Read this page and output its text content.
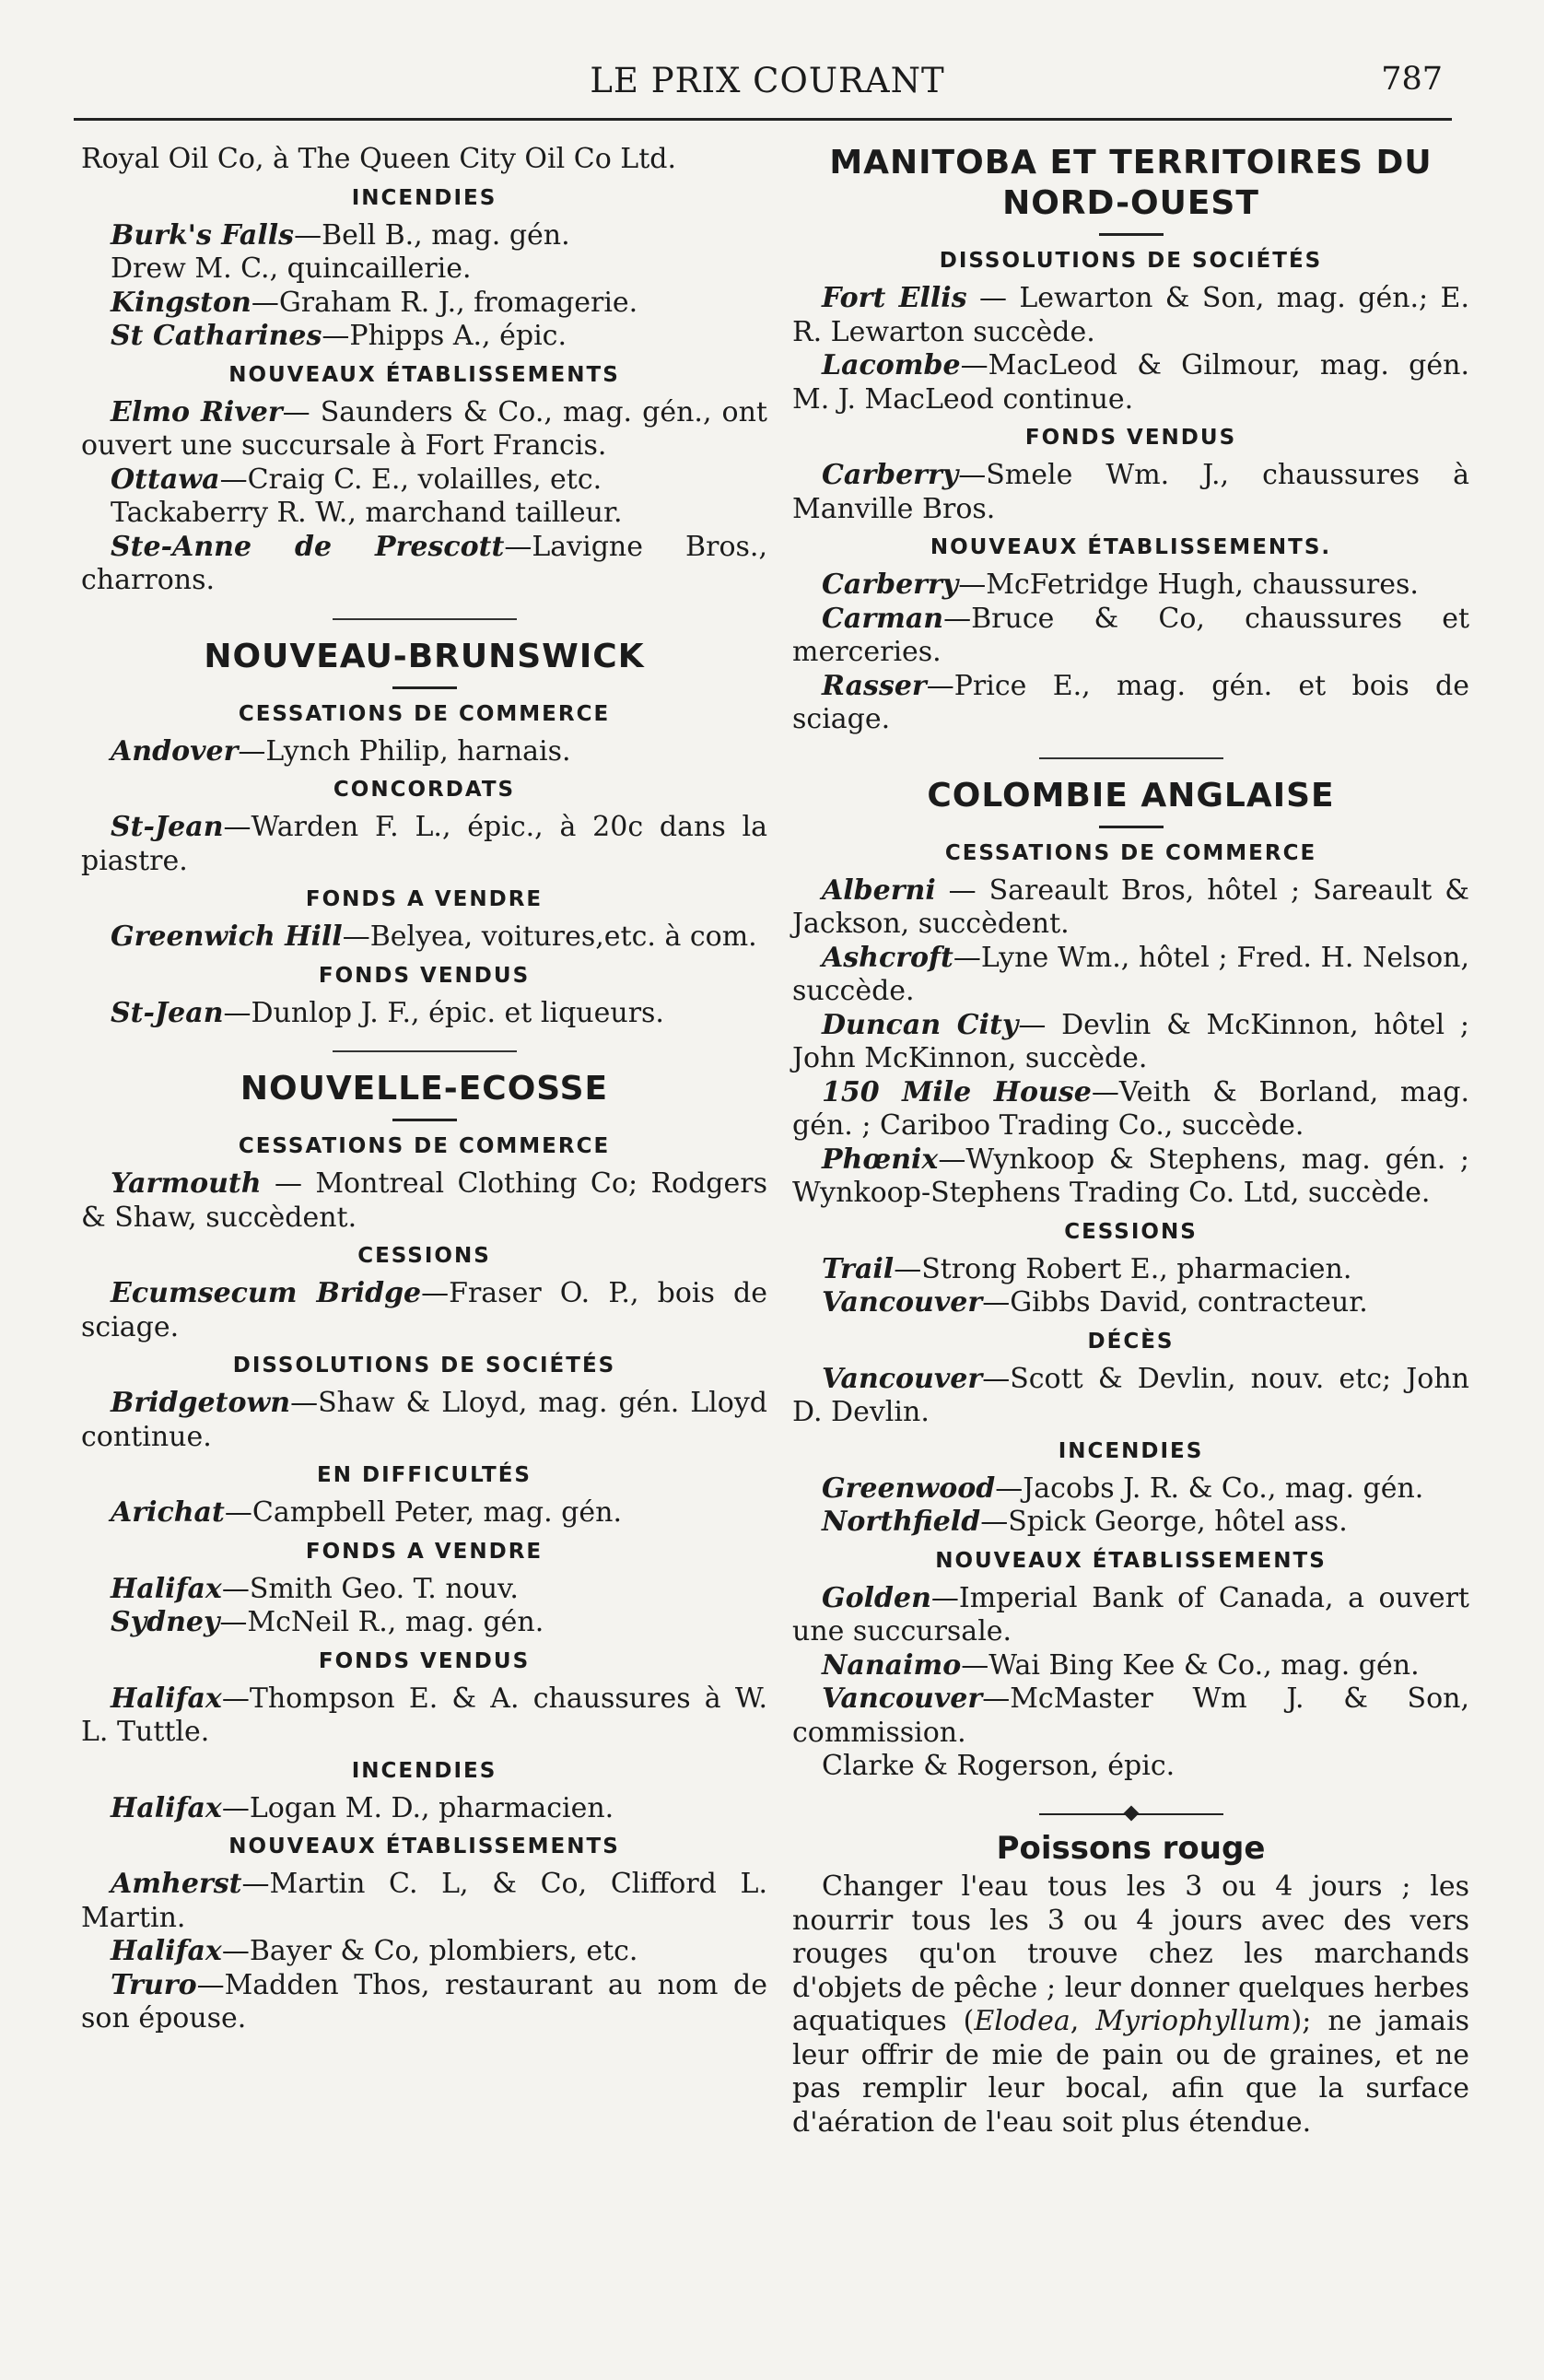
LE PRIX COURANT	787

Royal Oil Co, à The Queen City Oil Co Ltd.

INCENDIES

Burk's Falls—Bell B., mag. gén.

Drew M. C., quincaillerie.

Kingston—Graham R. J., fromagerie.

St Catharines—Phipps A., épic.

NOUVEAUX ÉTABLISSEMENTS

Elmo River— Saunders & Co., mag. gén., ont ouvert une succursale à Fort Francis.

Ottawa—Craig C. E., volailles, etc.

Tackaberry R. W., marchand tailleur.

Ste-Anne de Prescott—Lavigne Bros., charrons.

NOUVEAU-BRUNSWICK
CESSATIONS DE COMMERCE

Andover—Lynch Philip, harnais.

CONCORDATS

St-Jean—Warden F. L., épic., à 20c dans la piastre.

FONDS A VENDRE

Greenwich Hill—Belyea, voitures,etc. à com.

FONDS VENDUS

St-Jean—Dunlop J. F., épic. et liqueurs.

NOUVELLE-ECOSSE
CESSATIONS DE COMMERCE

Yarmouth — Montreal Clothing Co; Rodgers & Shaw, succèdent.

CESSIONS

Ecumsecum Bridge—Fraser O. P., bois de sciage.

DISSOLUTIONS DE SOCIÉTÉS

Bridgetown—Shaw & Lloyd, mag. gén. Lloyd continue.

EN DIFFICULTÉS

Arichat—Campbell Peter, mag. gén.

FONDS A VENDRE

Halifax—Smith Geo. T. nouv.

Sydney—McNeil R., mag. gén.

FONDS VENDUS

Halifax—Thompson E. & A. chaussures à W. L. Tuttle.

INCENDIES

Halifax—Logan M. D., pharmacien.

NOUVEAUX ÉTABLISSEMENTS

Amherst—Martin C. L, & Co, Clifford L. Martin.

Halifax—Bayer & Co, plombiers, etc.

Truro—Madden Thos, restaurant au nom de son épouse.

MANITOBA ET TERRITOIRES DU NORD-OUEST
DISSOLUTIONS DE SOCIÉTÉS

Fort Ellis — Lewarton & Son, mag. gén.; E. R. Lewarton succède.

Lacombe—MacLeod & Gilmour, mag. gén. M. J. MacLeod continue.

FONDS VENDUS

Carberry—Smele Wm. J., chaussures à Manville Bros.

NOUVEAUX ÉTABLISSEMENTS.

Carberry—McFetridge Hugh, chaussures.

Carman—Bruce & Co, chaussures et merceries.

Rasser—Price E., mag. gén. et bois de sciage.

COLOMBIE ANGLAISE
CESSATIONS DE COMMERCE

Alberni — Sareault Bros, hôtel ; Sareault & Jackson, succèdent.

Ashcroft—Lyne Wm., hôtel ; Fred. H. Nelson, succède.

Duncan City— Devlin & McKinnon, hôtel ; John McKinnon, succède.

150 Mile House—Veith & Borland, mag. gén. ; Cariboo Trading Co., succède.

Phœnix—Wynkoop & Stephens, mag. gén. ; Wynkoop-Stephens Trading Co. Ltd, succède.

CESSIONS

Trail—Strong Robert E., pharmacien.

Vancouver—Gibbs David, contracteur.

DÉCÈS

Vancouver—Scott & Devlin, nouv. etc; John D. Devlin.

INCENDIES

Greenwood—Jacobs J. R. & Co., mag. gén.

Northfield—Spick George, hôtel ass.

NOUVEAUX ÉTABLISSEMENTS

Golden—Imperial Bank of Canada, a ouvert une succursale.

Nanaimo—Wai Bing Kee & Co., mag. gén.

Vancouver—McMaster Wm J. & Son, commission.

Clarke & Rogerson, épic.

Poissons rouge

Changer l'eau tous les 3 ou 4 jours ; les nourrir tous les 3 ou 4 jours avec des vers rouges qu'on trouve chez les marchands d'objets de pêche ; leur donner quelques herbes aquatiques (Elodea, Myriophyllum); ne jamais leur offrir de mie de pain ou de graines, et ne pas remplir leur bocal, afin que la surface d'aération de l'eau soit plus étendue.
